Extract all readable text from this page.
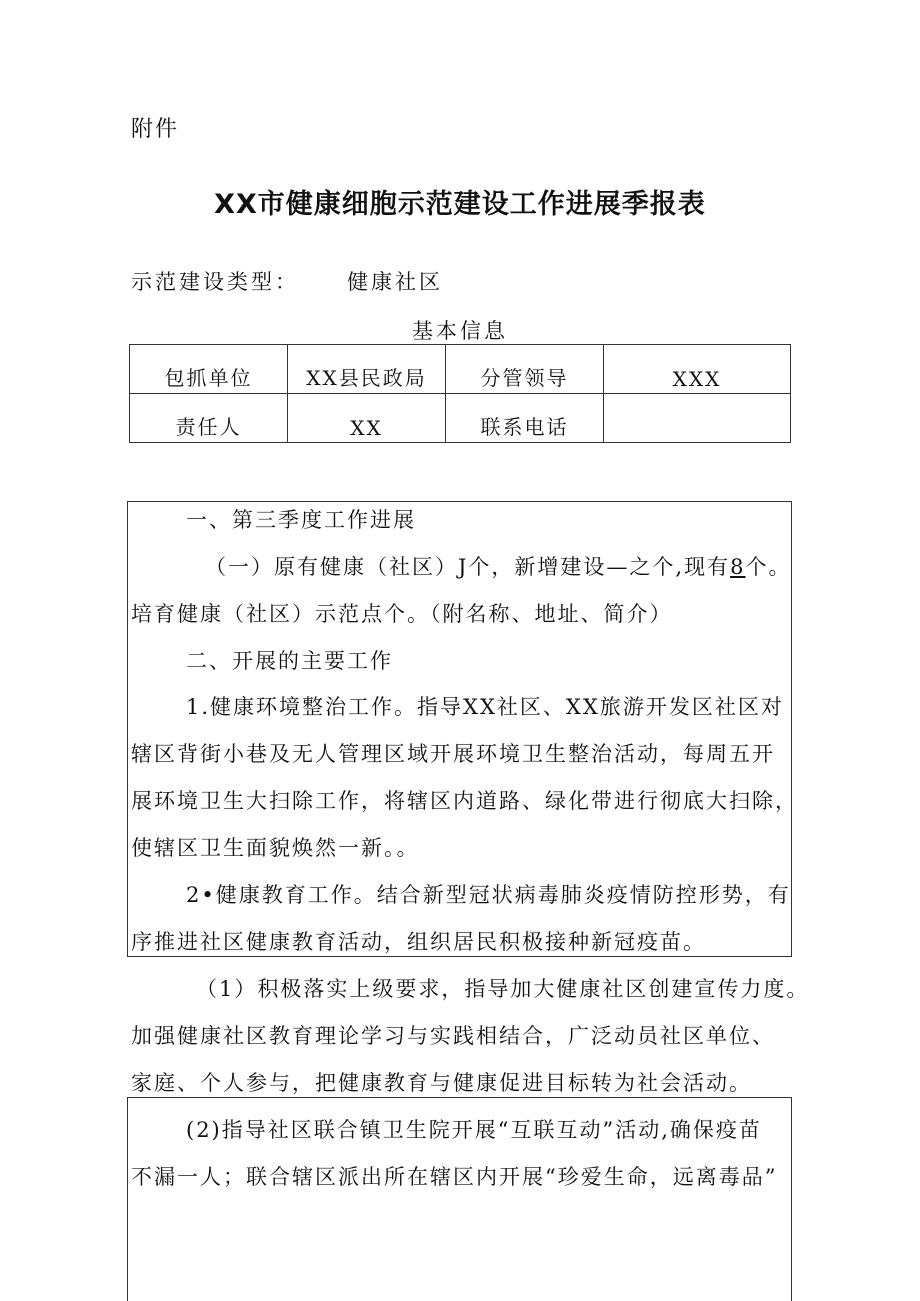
附件
XX市健康细胞示范建设工作进展季报表
示范建设类型： 健康社区
基本信息
包抓单位	XX县民政局	分管领导	XXX
责任人	XX	联系电话	
一、第三季度工作进展
（一）原有健康（社区）J个，新增建设—之个,现有8个。
培育健康（社区）示范点个。（附名称、地址、简介）
二、开展的主要工作
1.健康环境整治工作。指导XX社区、XX旅游开发区社区对
辖区背街小巷及无人管理区域开展环境卫生整治活动，每周五开
展环境卫生大扫除工作，将辖区内道路、绿化带进行彻底大扫除，
使辖区卫生面貌焕然一新。。
2•健康教育工作。结合新型冠状病毒肺炎疫情防控形势，有
序推进社区健康教育活动，组织居民积极接种新冠疫苗。
（1）积极落实上级要求，指导加大健康社区创建宣传力度。
加强健康社区教育理论学习与实践相结合，广泛动员社区单位、
家庭、个人参与，把健康教育与健康促进目标转为社会活动。
(2)指导社区联合镇卫生院开展“互联互动”活动,确保疫苗
不漏一人；联合辖区派出所在辖区内开展“珍爱生命，远离毒品”
